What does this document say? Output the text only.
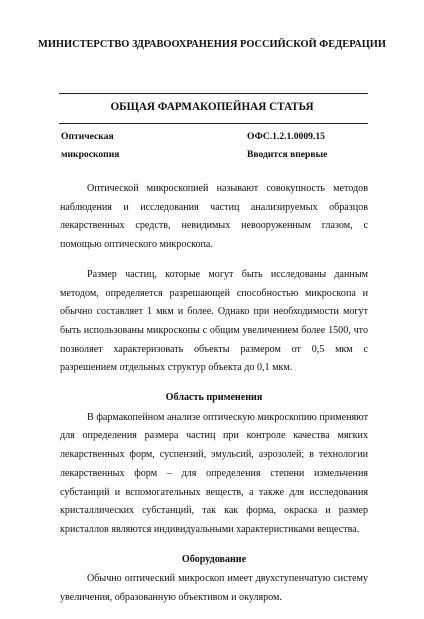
МИНИСТЕРСТВО ЗДРАВООХРАНЕНИЯ РОССИЙСКОЙ ФЕДЕРАЦИИ
ОБЩАЯ ФАРМАКОПЕЙНАЯ СТАТЬЯ
Оптическая
микроскопия
ОФС.1.2.1.0009.15
Вводится впервые

Оптической микроскопией называют совокупность методов наблюдения и исследования частиц анализируемых образцов лекарственных средств, невидимых невооруженным глазом, с помощью оптического микроскопа.

Размер частиц, которые могут быть исследованы данным методом, определяется разрешающей способностью микроскопа и обычно составляет 1 мкм и более. Однако при необходимости могут быть использованы микроскопы с общим увеличением более 1500, что позволяет характеризовать объекты размером от 0,5 мкм с разрешением отдельных структур объекта до 0,1 мкм.

Область применения

В фармакопейном анализе оптическую микроскопию применяют для определения размера частиц при контроле качества мягких лекарственных форм, суспензий, эмульсий, аэрозолей; в технологии лекарственных форм – для определения степени измельчения субстанций и вспомогательных веществ, а также для исследования кристаллических субстанций, так как форма, окраска и размер кристаллов являются индивидуальными характеристиками вещества.

Оборудование

Обычно оптический микроскоп имеет двухступенчатую систему увеличения, образованную объективом и окуляром.
